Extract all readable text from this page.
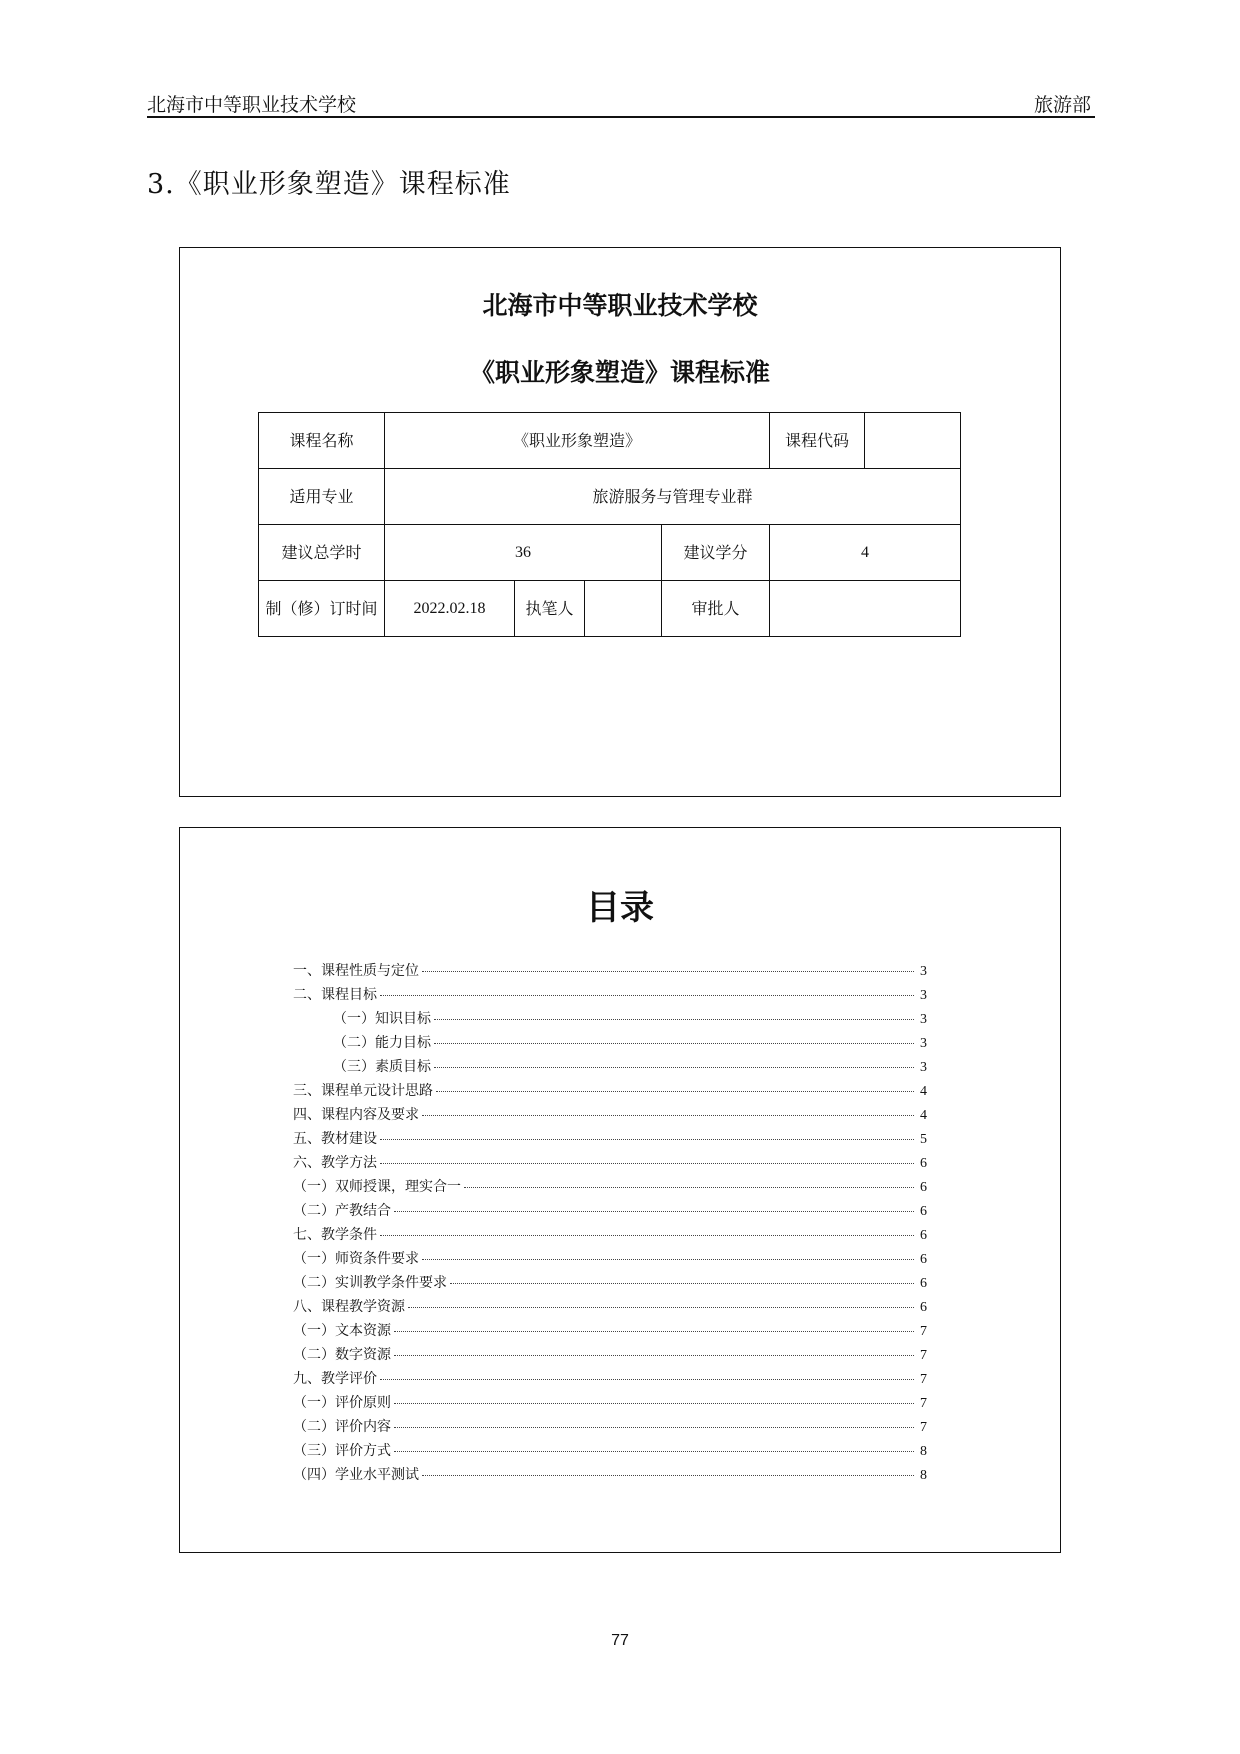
北海市中等职业技术学校	旅游部
3.《职业形象塑造》课程标准
北海市中等职业技术学校
《职业形象塑造》课程标准
课程名称	《职业形象塑造》				课程代码	
适用专业	旅游服务与管理专业群					
建议总学时	36			建议学分	4	
制（修）订时间	2022.02.18	执笔人		审批人		
目录
一、课程性质与定位	3
二、课程目标	3
（一）知识目标	3
（二）能力目标	3
（三）素质目标	3
三、课程单元设计思路	4
四、课程内容及要求	4
五、教材建设	5
六、教学方法	6
（一）双师授课，理实合一	6
（二）产教结合	6
七、教学条件	6
（一）师资条件要求	6
（二）实训教学条件要求	6
八、课程教学资源	6
（一）文本资源	7
（二）数字资源	7
九、教学评价	7
（一）评价原则	7
（二）评价内容	7
（三）评价方式	8
（四）学业水平测试	8
77
